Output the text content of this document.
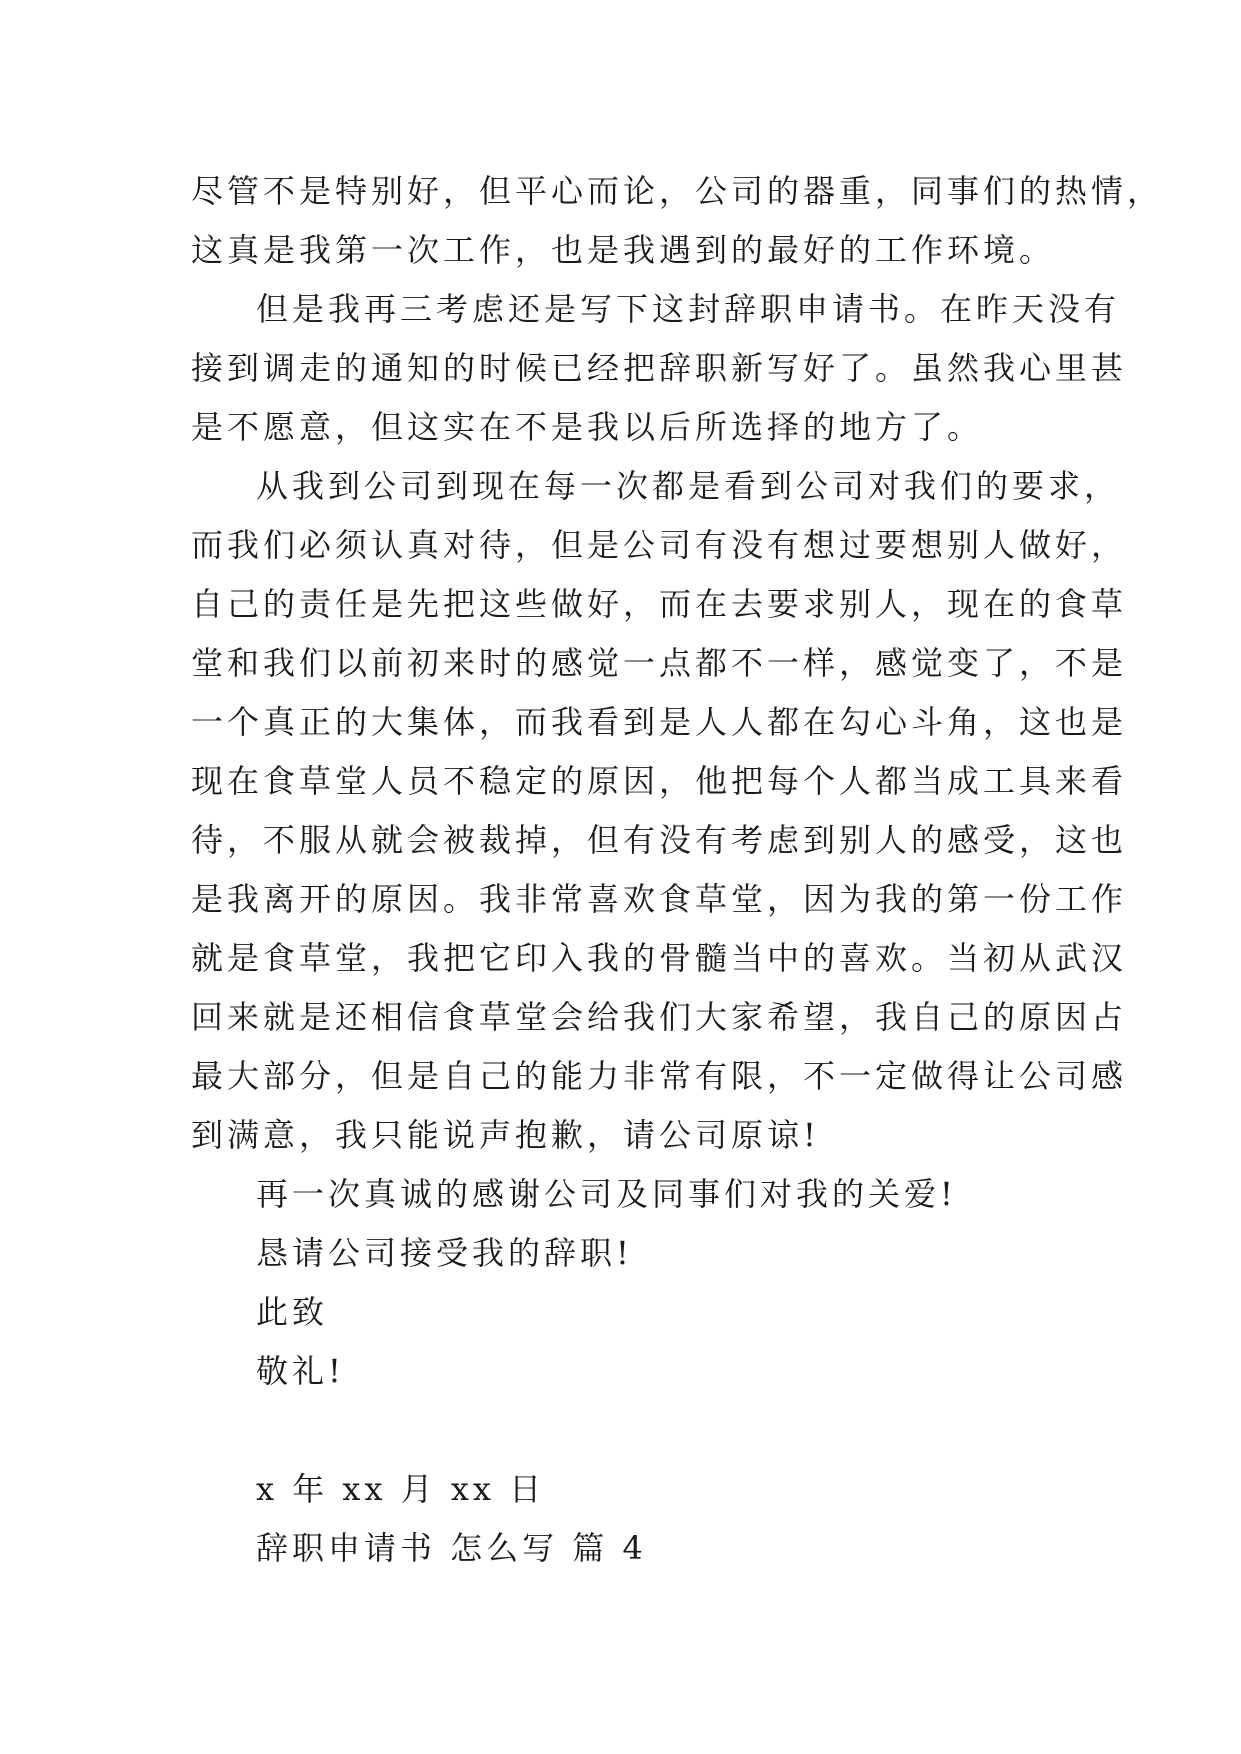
尽管不是特别好，但平心而论，公司的器重，同事们的热情，
这真是我第一次工作，也是我遇到的最好的工作环境。
但是我再三考虑还是写下这封辞职申请书。在昨天没有
接到调走的通知的时候已经把辞职新写好了。虽然我心里甚
是不愿意，但这实在不是我以后所选择的地方了。
从我到公司到现在每一次都是看到公司对我们的要求，
而我们必须认真对待，但是公司有没有想过要想别人做好，
自己的责任是先把这些做好，而在去要求别人，现在的食草
堂和我们以前初来时的感觉一点都不一样，感觉变了，不是
一个真正的大集体，而我看到是人人都在勾心斗角，这也是
现在食草堂人员不稳定的原因，他把每个人都当成工具来看
待，不服从就会被裁掉，但有没有考虑到别人的感受，这也
是我离开的原因。我非常喜欢食草堂，因为我的第一份工作
就是食草堂，我把它印入我的骨髓当中的喜欢。当初从武汉
回来就是还相信食草堂会给我们大家希望，我自己的原因占
最大部分，但是自己的能力非常有限，不一定做得让公司感
到满意，我只能说声抱歉，请公司原谅!
再一次真诚的感谢公司及同事们对我的关爱!
恳请公司接受我的辞职!
此致
敬礼!
x 年 xx 月 xx 日
辞职申请书 怎么写 篇 4
